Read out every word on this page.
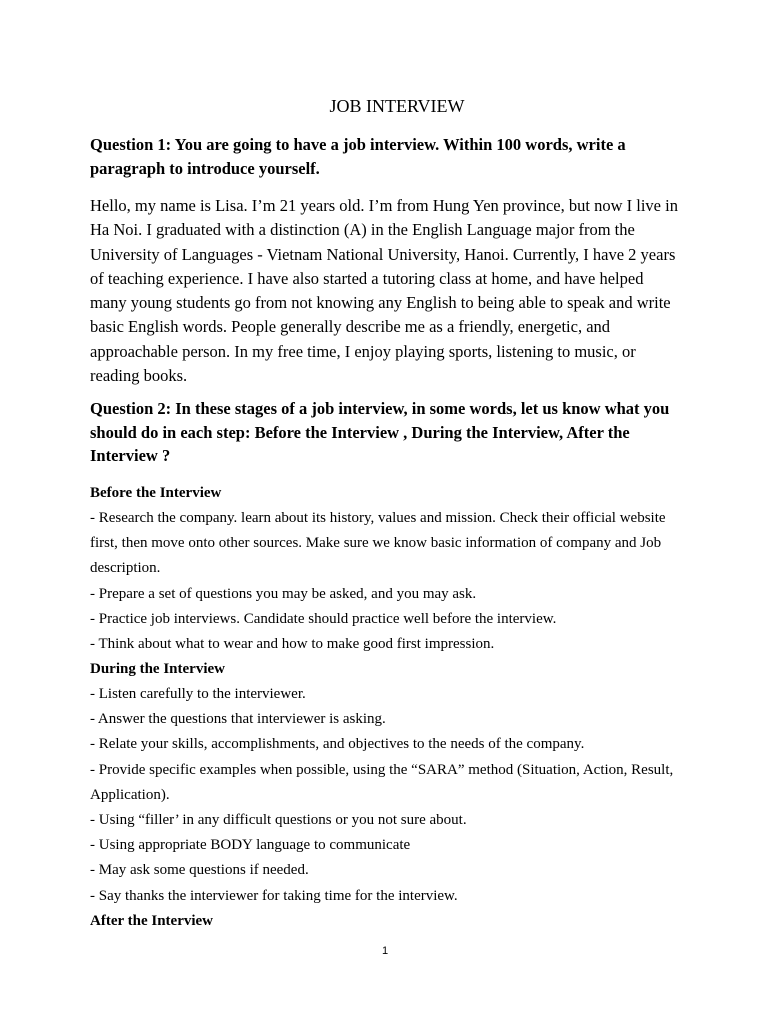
JOB INTERVIEW

Question 1: You are going to have a job interview. Within 100 words, write a paragraph to introduce yourself.

Hello, my name is Lisa. I’m 21 years old. I’m from Hung Yen province, but now I live in Ha Noi. I graduated with a distinction (A) in the English Language major from the University of Languages - Vietnam National University, Hanoi. Currently, I have 2 years of teaching experience. I have also started a tutoring class at home, and have helped many young students go from not knowing any English to being able to speak and write basic English words. People generally describe me as a friendly, energetic, and approachable person. In my free time, I enjoy playing sports, listening to music, or reading books.

Question 2: In these stages of a job interview, in some words, let us know what you should do in each step: Before the Interview , During the Interview, After the Interview ?

Before the Interview

- Research the company. learn about its history, values and mission. Check their official website first, then move onto other sources. Make sure we know basic information of company and Job description.

- Prepare a set of questions you may be asked, and you may ask.

- Practice job interviews. Candidate should practice well before the interview.

- Think about what to wear and how to make good first impression.

During the Interview

- Listen carefully to the interviewer.

- Answer the questions that interviewer is asking.

- Relate your skills, accomplishments, and objectives to the needs of the company.

- Provide specific examples when possible, using the “SARA” method (Situation, Action, Result, Application).

- Using “filler’ in any difficult questions or you not sure about.

- Using appropriate BODY language to communicate

- May ask some questions if needed.

- Say thanks the interviewer for taking time for the interview.

After the Interview

1
